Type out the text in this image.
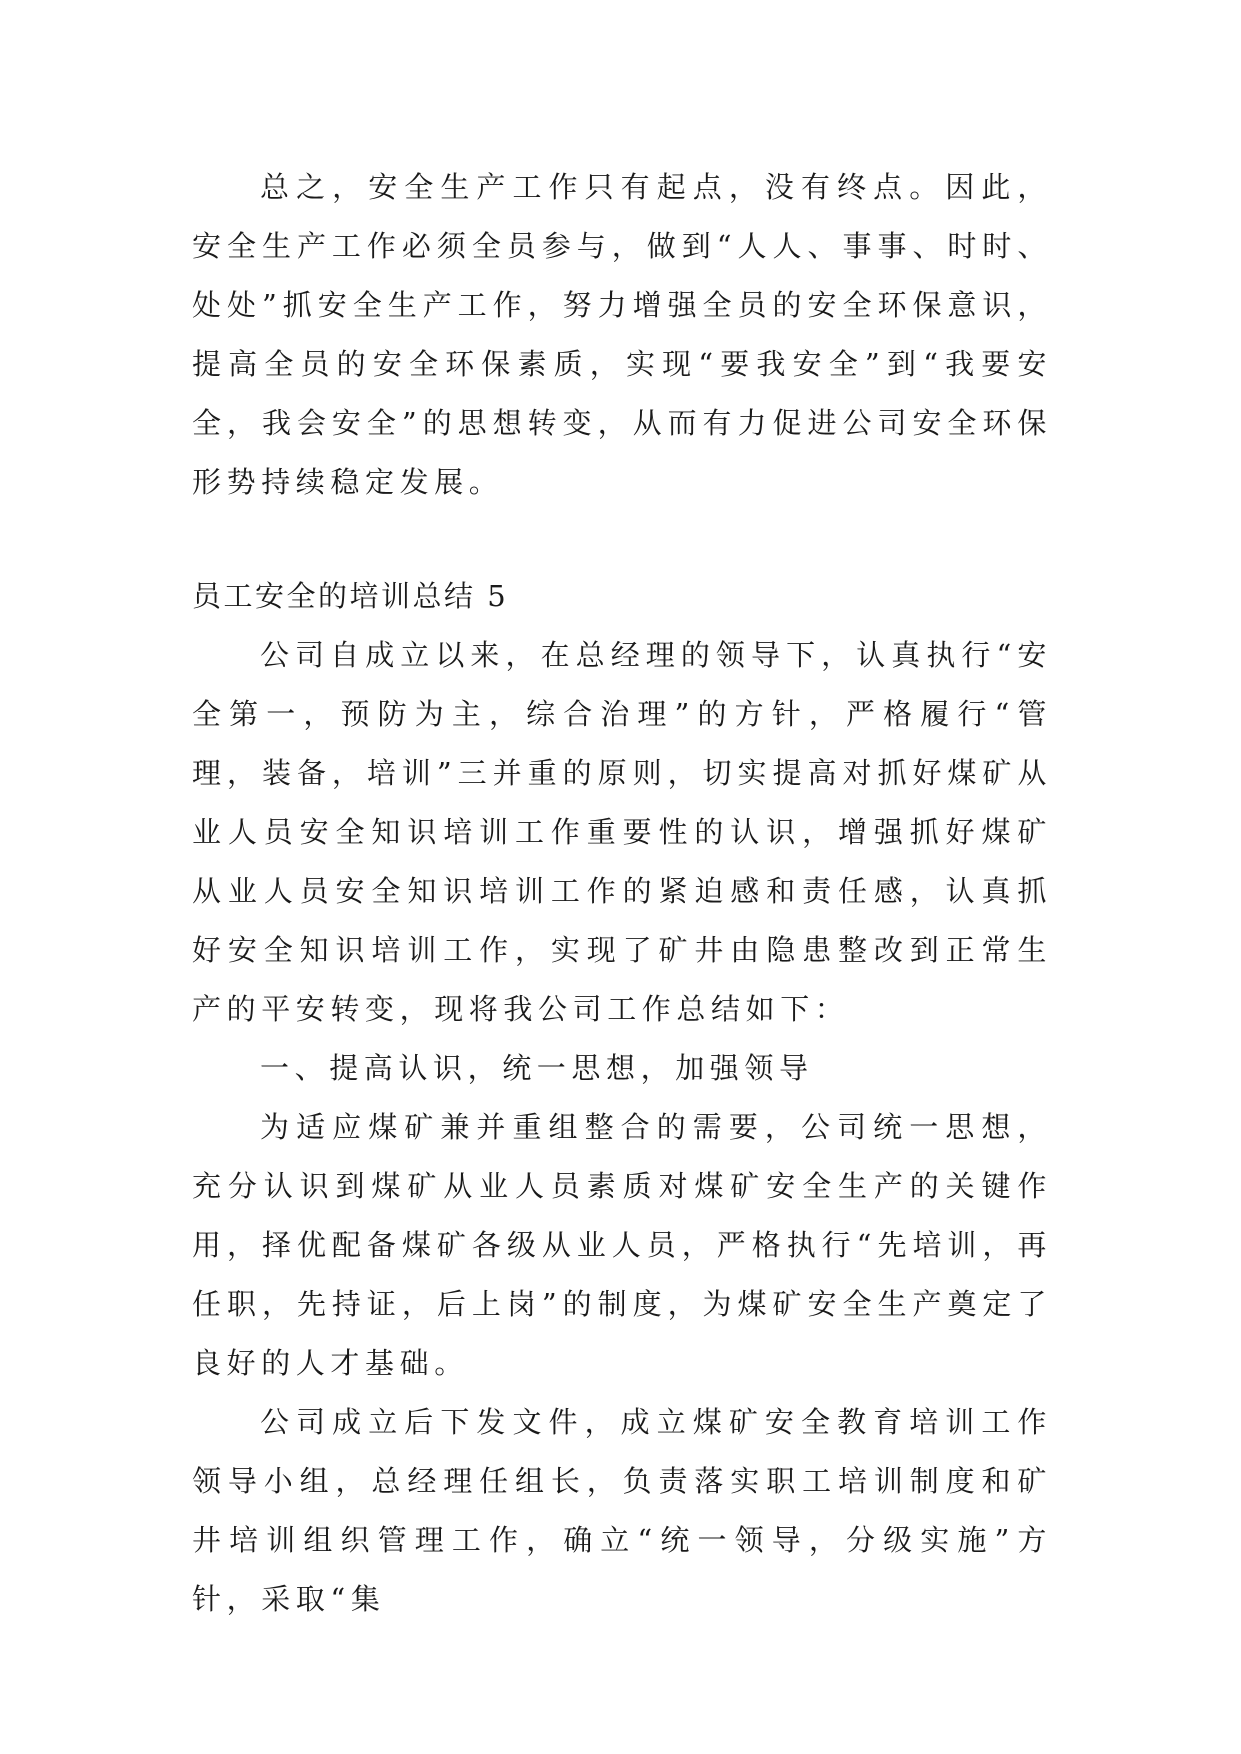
总之，安全生产工作只有起点，没有终点。因此，安全生产工作必须全员参与，做到“人人、事事、时时、处处”抓安全生产工作，努力增强全员的安全环保意识，提高全员的安全环保素质，实现“要我安全”到“我要安全，我会安全”的思想转变，从而有力促进公司安全环保形势持续稳定发展。

员工安全的培训总结 5

公司自成立以来，在总经理的领导下，认真执行“安全第一，预防为主，综合治理”的方针，严格履行“管理，装备，培训”三并重的原则，切实提高对抓好煤矿从业人员安全知识培训工作重要性的认识，增强抓好煤矿从业人员安全知识培训工作的紧迫感和责任感，认真抓好安全知识培训工作，实现了矿井由隐患整改到正常生产的平安转变，现将我公司工作总结如下：

一、提高认识，统一思想，加强领导

为适应煤矿兼并重组整合的需要，公司统一思想，充分认识到煤矿从业人员素质对煤矿安全生产的关键作用，择优配备煤矿各级从业人员，严格执行“先培训，再任职，先持证，后上岗”的制度，为煤矿安全生产奠定了良好的人才基础。

公司成立后下发文件，成立煤矿安全教育培训工作领导小组，总经理任组长，负责落实职工培训制度和矿井培训组织管理工作，确立“统一领导，分级实施”方针，采取“集
